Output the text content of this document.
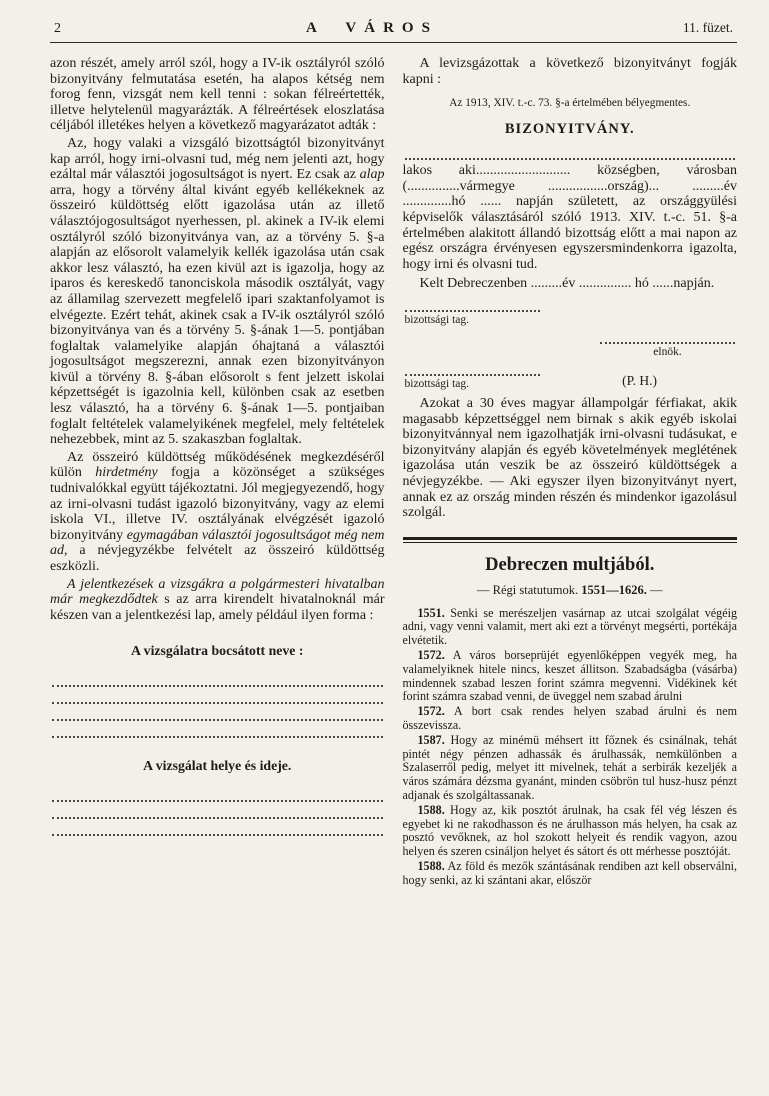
2	A VÁROS	11. füzet.

azon részét, amely arról szól, hogy a IV-ik osztályról szóló bizonyitvány felmutatása esetén, ha alapos kétség nem forog fenn, vizsgát nem kell tenni : sokan félreértették, illetve helytelenül magyarázták. A félreértések eloszlatása céljából illetékes helyen a következő magyarázatot adták :

Az, hogy valaki a vizsgáló bizottságtól bizonyitványt kap arról, hogy irni-olvasni tud, még nem jelenti azt, hogy ezáltal már választói jogosultságot is nyert. Ez csak az alap arra, hogy a törvény által kivánt egyéb kellékeknek az összeiró küldöttség előtt igazolása után az illető választójogosultságot nyerhessen, pl. akinek a IV-ik elemi osztályról szóló bizonyitványa van, az a törvény 5. §-a alapján az elősorolt valamelyik kellék igazolása után csak akkor lesz választó, ha ezen kivül azt is igazolja, hogy az iparos és kereskedő tanonciskola második osztályát, vagy az államilag szervezett megfelelő ipari szaktanfolyamot is elvégezte. Ezért tehát, akinek csak a IV-ik osztályról szóló bizonyitványa van és a törvény 5. §-ának 1—5. pontjában foglaltak valamelyike alapján óhajtaná a választói jogosultságot megszerezni, annak ezen bizonyitványon kivül a törvény 8. §-ában elősorolt s fent jelzett iskolai képzettségét is igazolnia kell, különben csak az esetben lesz választó, ha a törvény 6. §-ának 1—5. pontjaiban foglalt feltételek valamelyikének megfelel, mely feltételek nehezebbek, mint az 5. szakaszban foglaltak.

Az összeiró küldöttség működésének megkezdéséről külön hirdetmény fogja a közönséget a szükséges tudnivalókkal együtt tájékoztatni. Jól megjegyezendő, hogy az irni-olvasni tudást igazoló bizonyitvány, vagy az elemi iskola VI., illetve IV. osztályának elvégzését igazoló bizonyitvány egymagában választói jogosultságot még nem ad, a névjegyzékbe felvételt az összeiró küldöttség eszközli.

A jelentkezések a vizsgákra a polgármesteri hivatalban már megkezdődtek s az arra kirendelt hivatalnoknál már készen van a jelentkezési lap, amely például ilyen forma :

A vizsgálatra bocsátott neve :
A vizsgálat helye és ideje.

A levizsgázottak a következő bizonyitványt fogják kapni :

Az 1913, XIV. t.-c. 73. §-a értelmében bélyegmentes.

BIZONYITVÁNY.

lakos aki........................... községben, városban (...............vármegye .................ország)... .........év ..............hó ...... napján született, az országgyülési képviselők választásáról szóló 1913. XIV. t.-c. 51. §-a értelmében alakitott állandó bizottság előtt a mai napon az egész országra érvényesen egyszersmindenkorra igazolta, hogy irni és olvasni tud.

Kelt Debreczenben .........év ............... hó ......napján.

bizottsági tag.
elnök.
bizottsági tag.	(P. H.)

Azokat a 30 éves magyar állampolgár férfiakat, akik magasabb képzettséggel nem birnak s akik egyéb iskolai bizonyitvánnyal nem igazolhatják irni-olvasni tudásukat, e bizonyitvány alapján és egyéb követelmények meglétének igazolása után veszik be az összeiró küldöttségek a névjegyzékbe. — Aki egyszer ilyen bizonyitványt nyert, annak ez az ország minden részén és mindenkor igazolásul szolgál.

Debreczen multjából.

— Régi statutumok. 1551—1626. —

1551. Senki se merészeljen vasárnap az utcai szolgálat végéig adni, vagy venni valamit, mert aki ezt a törvényt megsérti, portékája elvétetik.

1572. A város borseprüjét egyenlőképpen vegyék meg, ha valamelyiknek hitele nincs, keszet állitson. Szabadságba (vásárba) mindennek szabad leszen forint számra megvenni. Vidékinek két forint számra szabad venni, de üveggel nem szabad árulni

1572. A bort csak rendes helyen szabad árulni és nem összevissza.

1587. Hogy az minémü méhsert itt főznek és csinálnak, tehát pintét négy pénzen adhassák és árulhassák, nemkülönben a Szalaserről pedig, melyet itt mivelnek, tehát a serbirák kezeljék a város számára dézsma gyanánt, minden csöbrön tul husz-husz pénzt adjanak és szolgáltassanak.

1588. Hogy az, kik posztót árulnak, ha csak fél vég lészen és egyebet ki ne rakodhasson és ne árulhasson más helyen, ha csak az posztó vevőknek, az hol szokott helyeit és rendik vagyon, azou helyen és szeren csináljon helyet és sátort és ott mérhesse posztóját.

1588. Az föld és mezők szántásának rendiben azt kell observálni, hogy senki, az ki szántani akar, először
